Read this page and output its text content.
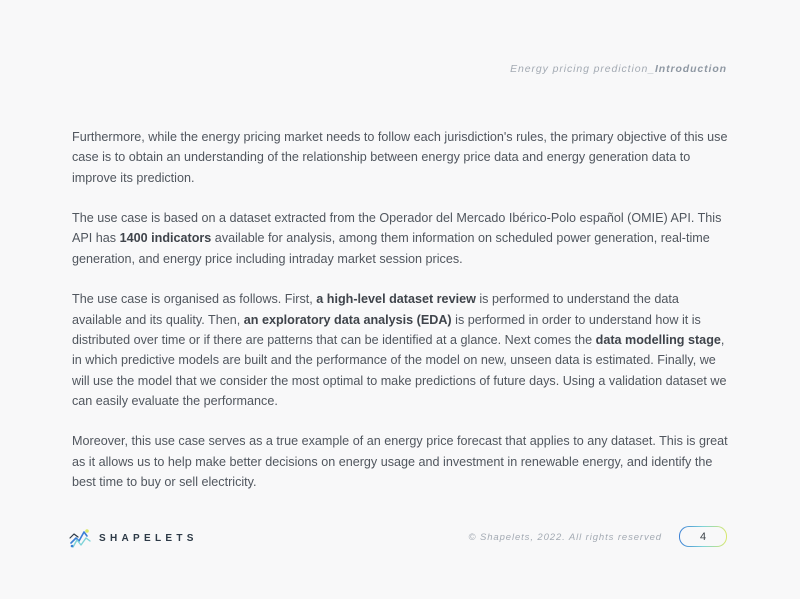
Energy pricing prediction_Introduction

Furthermore, while the energy pricing market needs to follow each jurisdiction's rules, the primary objective of this use case is to obtain an understanding of the relationship between energy price data and energy generation data to improve its prediction.

The use case is based on a dataset extracted from the Operador del Mercado Ibérico-Polo español (OMIE) API. This API has 1400 indicators available for analysis, among them information on scheduled power generation, real-time generation, and energy price including intraday market session prices.

The use case is organised as follows. First, a high-level dataset review is performed to understand the data available and its quality. Then, an exploratory data analysis (EDA) is performed in order to understand how it is distributed over time or if there are patterns that can be identified at a glance. Next comes the data modelling stage, in which predictive models are built and the performance of the model on new, unseen data is estimated. Finally, we will use the model that we consider the most optimal to make predictions of future days. Using a validation dataset we can easily evaluate the performance.

Moreover, this use case serves as a true example of an energy price forecast that applies to any dataset. This is great as it allows us to help make better decisions on energy usage and investment in renewable energy, and identify the best time to buy or sell electricity.

SHAPELETS	© Shapelets, 2022. All rights reserved	4
